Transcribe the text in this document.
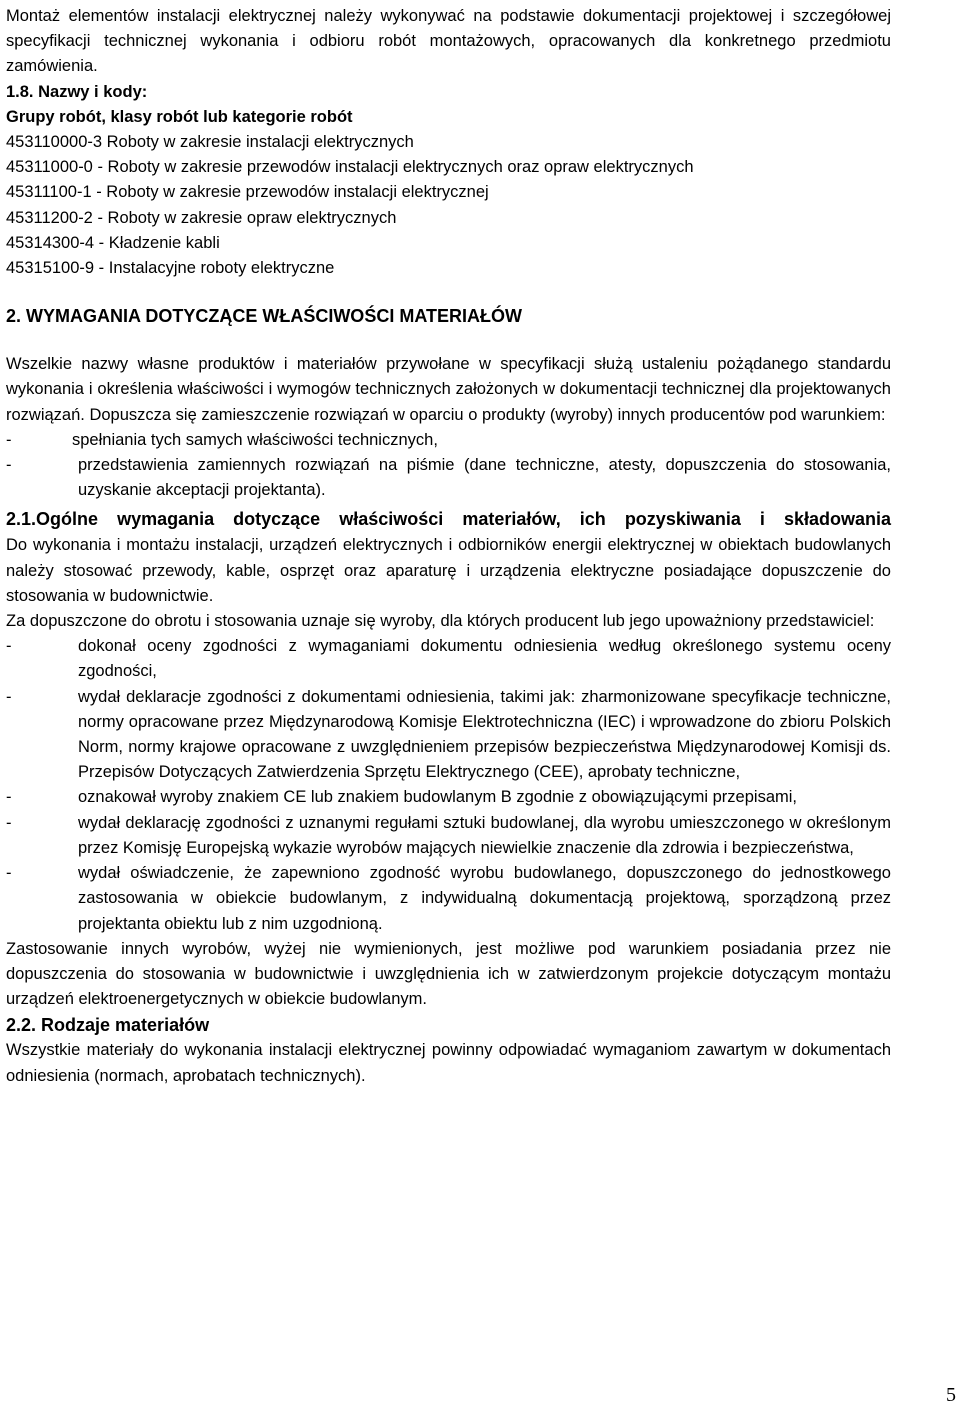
Montaż elementów instalacji elektrycznej należy wykonywać na podstawie dokumentacji projektowej i szczegółowej specyfikacji technicznej wykonania i odbioru robót montażowych, opracowanych dla konkretnego przedmiotu zamówienia.

1.8. Nazwy i kody:
Grupy robót, klasy robót lub kategorie robót
453110000-3 Roboty w zakresie instalacji elektrycznych
45311000-0 - Roboty w zakresie przewodów instalacji elektrycznych oraz opraw elektrycznych
45311100-1 - Roboty w zakresie przewodów instalacji elektrycznej
45311200-2 - Roboty w zakresie opraw elektrycznych
45314300-4 - Kładzenie kabli
45315100-9 - Instalacyjne roboty elektryczne
2. WYMAGANIA DOTYCZĄCE WŁAŚCIWOŚCI MATERIAŁÓW

Wszelkie nazwy własne produktów i materiałów przywołane w specyfikacji służą ustaleniu pożądanego standardu wykonania i określenia właściwości i wymogów technicznych założonych w dokumentacji technicznej dla projektowanych rozwiązań. Dopuszcza się zamieszczenie rozwiązań w oparciu o produkty (wyroby) innych producentów pod warunkiem:

-	spełniania tych samych właściwości technicznych,
-	przedstawienia zamiennych rozwiązań na piśmie (dane techniczne, atesty, dopuszczenia do stosowania, uzyskanie akceptacji projektanta).
2.1.Ogólne wymagania dotyczące właściwości materiałów, ich pozyskiwania i składowania

Do wykonania i montażu instalacji, urządzeń elektrycznych i odbiorników energii elektrycznej w obiektach budowlanych należy stosować przewody, kable, osprzęt oraz aparaturę i urządzenia elektryczne posiadające dopuszczenie do stosowania w budownictwie.

Za dopuszczone do obrotu i stosowania uznaje się wyroby, dla których producent lub jego upoważniony przedstawiciel:

-	dokonał oceny zgodności z wymaganiami dokumentu odniesienia według określonego systemu oceny zgodności,
-	wydał deklaracje zgodności z dokumentami odniesienia, takimi jak: zharmonizowane specyfikacje techniczne, normy opracowane przez Międzynarodową Komisje Elektrotechniczna (IEC) i wprowadzone do zbioru Polskich Norm, normy krajowe opracowane z uwzględnieniem przepisów bezpieczeństwa Międzynarodowej Komisji ds. Przepisów Dotyczących Zatwierdzenia Sprzętu Elektrycznego (CEE), aprobaty techniczne,
-	oznakował wyroby znakiem CE lub znakiem budowlanym B zgodnie z obowiązującymi przepisami,
-	wydał deklarację zgodności z uznanymi regułami sztuki budowlanej, dla wyrobu umieszczonego w określonym przez Komisję Europejską wykazie wyrobów mających niewielkie znaczenie dla zdrowia i bezpieczeństwa,
-	wydał oświadczenie, że zapewniono zgodność wyrobu budowlanego, dopuszczonego do jednostkowego zastosowania w obiekcie budowlanym, z indywidualną dokumentacją projektową, sporządzoną przez projektanta obiektu lub z nim uzgodnioną.

Zastosowanie innych wyrobów, wyżej nie wymienionych, jest możliwe pod warunkiem posiadania przez nie dopuszczenia do stosowania w budownictwie i uwzględnienia ich w zatwierdzonym projekcie dotyczącym montażu urządzeń elektroenergetycznych w obiekcie budowlanym.

2.2. Rodzaje materiałów

Wszystkie materiały do wykonania instalacji elektrycznej powinny odpowiadać wymaganiom zawartym w dokumentach odniesienia (normach, aprobatach technicznych).

5
